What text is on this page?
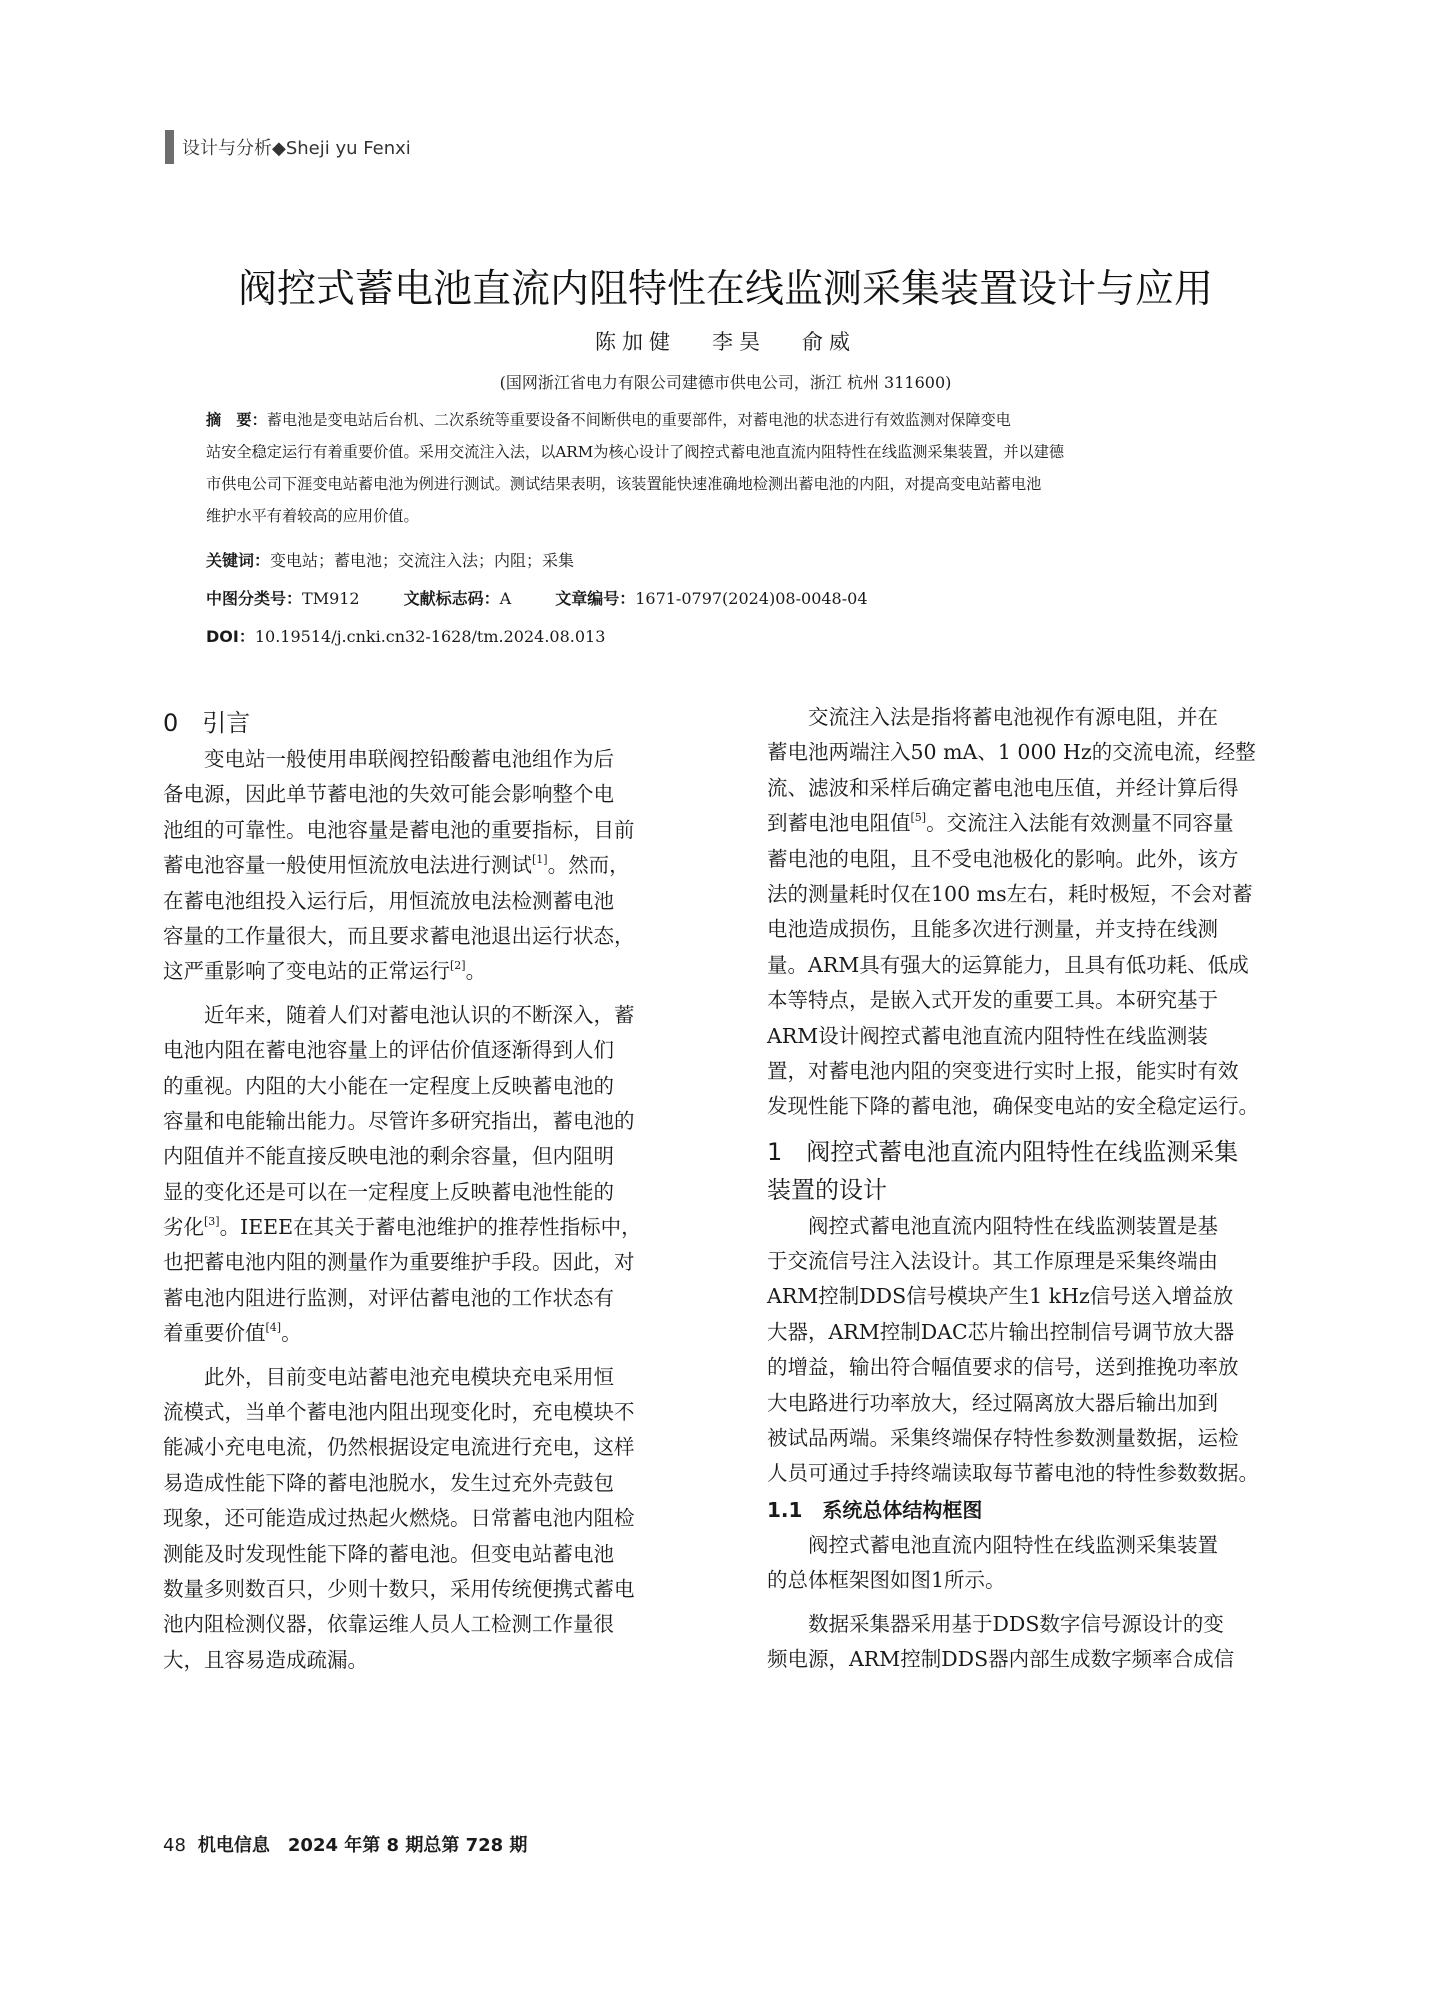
设计与分析◆Sheji yu Fenxi
阀控式蓄电池直流内阻特性在线监测采集装置设计与应用
陈加健 李昊 俞威
(国网浙江省电力有限公司建德市供电公司，浙江 杭州 311600)
摘　要：蓄电池是变电站后台机、二次系统等重要设备不间断供电的重要部件，对蓄电池的状态进行有效监测对保障变电
站安全稳定运行有着重要价值。采用交流注入法，以ARM为核心设计了阀控式蓄电池直流内阻特性在线监测采集装置，并以建德
市供电公司下涯变电站蓄电池为例进行测试。测试结果表明，该装置能快速准确地检测出蓄电池的内阻，对提高变电站蓄电池
维护水平有着较高的应用价值。
关键词：变电站；蓄电池；交流注入法；内阻；采集
中图分类号：TM912	文献标志码：A	文章编号：1671-0797(2024)08-0048-04
DOI：10.19514/j.cnki.cn32-1628/tm.2024.08.013
0　引言
变电站一般使用串联阀控铅酸蓄电池组作为后
备电源，因此单节蓄电池的失效可能会影响整个电
池组的可靠性。电池容量是蓄电池的重要指标，目前
蓄电池容量一般使用恒流放电法进行测试[1]。然而，
在蓄电池组投入运行后，用恒流放电法检测蓄电池
容量的工作量很大，而且要求蓄电池退出运行状态，
这严重影响了变电站的正常运行[2]。
近年来，随着人们对蓄电池认识的不断深入，蓄
电池内阻在蓄电池容量上的评估价值逐渐得到人们
的重视。内阻的大小能在一定程度上反映蓄电池的
容量和电能输出能力。尽管许多研究指出，蓄电池的
内阻值并不能直接反映电池的剩余容量，但内阻明
显的变化还是可以在一定程度上反映蓄电池性能的
劣化[3]。IEEE在其关于蓄电池维护的推荐性指标中，
也把蓄电池内阻的测量作为重要维护手段。因此，对
蓄电池内阻进行监测，对评估蓄电池的工作状态有
着重要价值[4]。
此外，目前变电站蓄电池充电模块充电采用恒
流模式，当单个蓄电池内阻出现变化时，充电模块不
能减小充电电流，仍然根据设定电流进行充电，这样
易造成性能下降的蓄电池脱水，发生过充外壳鼓包
现象，还可能造成过热起火燃烧。日常蓄电池内阻检
测能及时发现性能下降的蓄电池。但变电站蓄电池
数量多则数百只，少则十数只，采用传统便携式蓄电
池内阻检测仪器，依靠运维人员人工检测工作量很
大，且容易造成疏漏。
交流注入法是指将蓄电池视作有源电阻，并在
蓄电池两端注入50 mA、1 000 Hz的交流电流，经整
流、滤波和采样后确定蓄电池电压值，并经计算后得
到蓄电池电阻值[5]。交流注入法能有效测量不同容量
蓄电池的电阻，且不受电池极化的影响。此外，该方
法的测量耗时仅在100 ms左右，耗时极短，不会对蓄
电池造成损伤，且能多次进行测量，并支持在线测
量。ARM具有强大的运算能力，且具有低功耗、低成
本等特点，是嵌入式开发的重要工具。本研究基于
ARM设计阀控式蓄电池直流内阻特性在线监测装
置，对蓄电池内阻的突变进行实时上报，能实时有效
发现性能下降的蓄电池，确保变电站的安全稳定运行。
1　阀控式蓄电池直流内阻特性在线监测采集
装置的设计
阀控式蓄电池直流内阻特性在线监测装置是基
于交流信号注入法设计。其工作原理是采集终端由
ARM控制DDS信号模块产生1 kHz信号送入增益放
大器，ARM控制DAC芯片输出控制信号调节放大器
的增益，输出符合幅值要求的信号，送到推挽功率放
大电路进行功率放大，经过隔离放大器后输出加到
被试品两端。采集终端保存特性参数测量数据，运检
人员可通过手持终端读取每节蓄电池的特性参数数据。
1.1　系统总体结构框图
阀控式蓄电池直流内阻特性在线监测采集装置
的总体框架图如图1所示。
数据采集器采用基于DDS数字信号源设计的变
频电源，ARM控制DDS器内部生成数字频率合成信
48 机电信息　2024 年第 8 期总第 728 期
